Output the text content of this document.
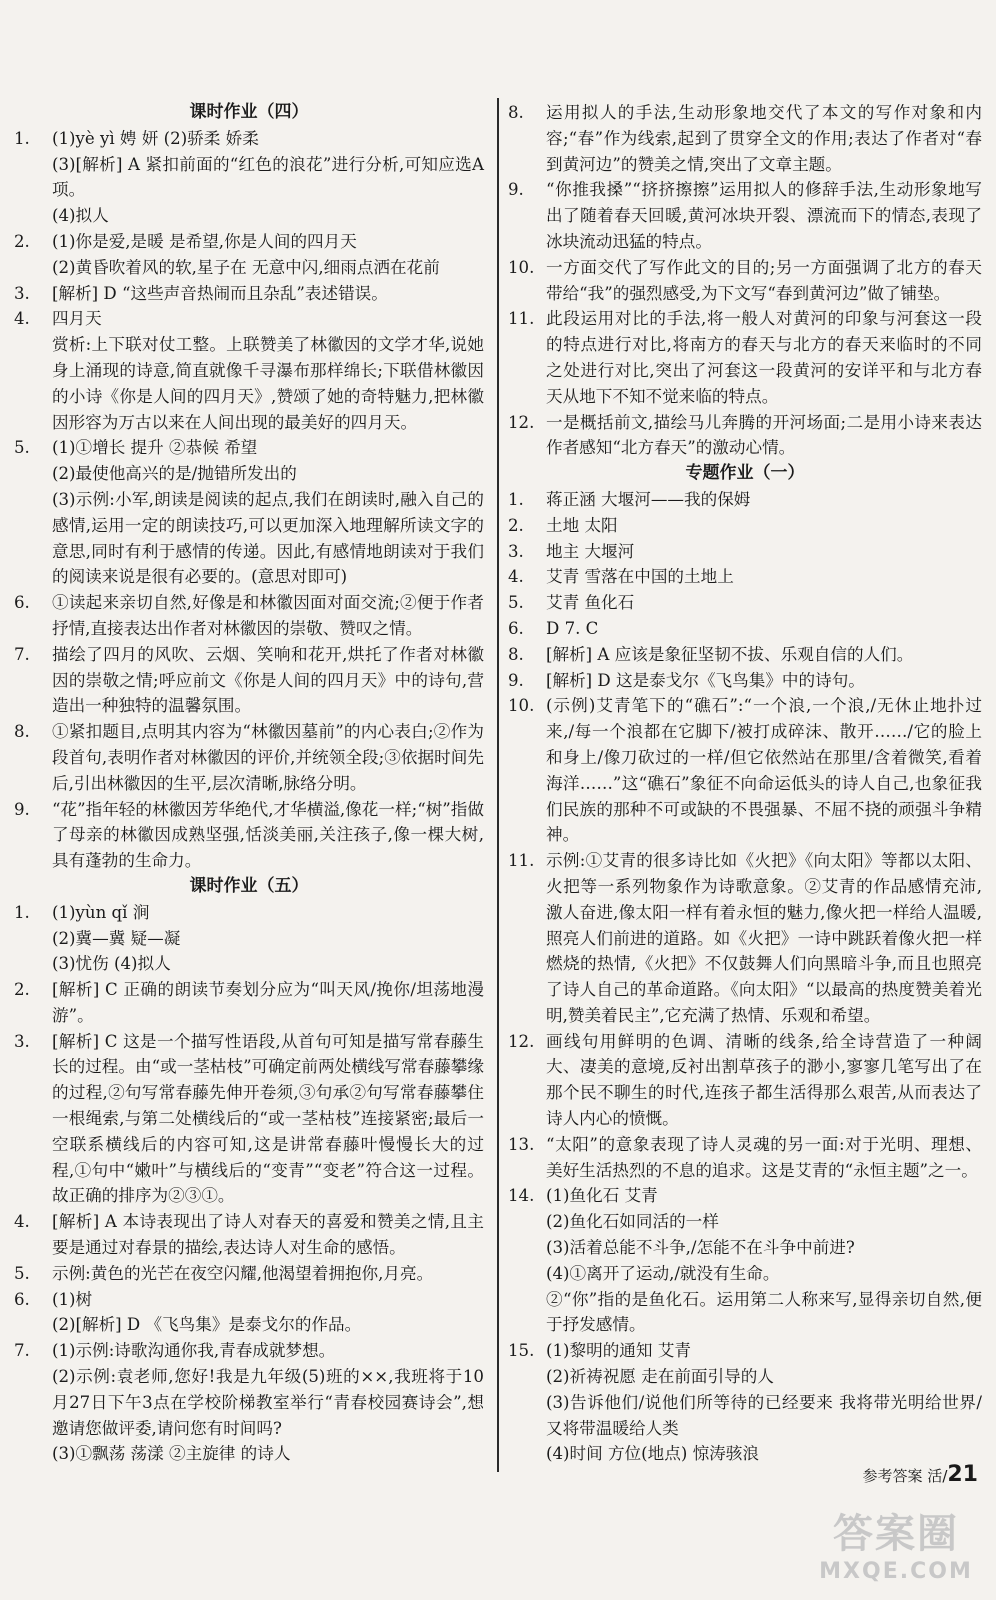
课时作业（四）
1.	(1)yè yì 娉 妍 (2)骄柔 娇柔
(3)[解析] A 紧扣前面的“红色的浪花”进行分析,可知应选A项。
(4)拟人
2.	(1)你是爱,是暖 是希望,你是人间的四月天
(2)黄昏吹着风的软,星子在 无意中闪,细雨点洒在花前
3.	[解析] D “这些声音热闹而且杂乱”表述错误。
4.	四月天
赏析:上下联对仗工整。上联赞美了林徽因的文学才华,说她身上涌现的诗意,简直就像千寻瀑布那样绵长;下联借林徽因的小诗《你是人间的四月天》,赞颂了她的奇特魅力,把林徽因形容为万古以来在人间出现的最美好的四月天。
5.	(1)①增长 提升 ②恭候 希望
(2)最使他高兴的是/抛错所发出的
(3)示例:小军,朗读是阅读的起点,我们在朗读时,融入自己的感情,运用一定的朗读技巧,可以更加深入地理解所读文字的意思,同时有利于感情的传递。因此,有感情地朗读对于我们的阅读来说是很有必要的。(意思对即可)
6.	①读起来亲切自然,好像是和林徽因面对面交流;②便于作者抒情,直接表达出作者对林徽因的崇敬、赞叹之情。
7.	描绘了四月的风吹、云烟、笑响和花开,烘托了作者对林徽因的崇敬之情;呼应前文《你是人间的四月天》中的诗句,营造出一种独特的温馨氛围。
8.	①紧扣题目,点明其内容为“林徽因墓前”的内心表白;②作为段首句,表明作者对林徽因的评价,并统领全段;③依据时间先后,引出林徽因的生平,层次清晰,脉络分明。
9.	“花”指年轻的林徽因芳华绝代,才华横溢,像花一样;“树”指做了母亲的林徽因成熟坚强,恬淡美丽,关注孩子,像一棵大树,具有蓬勃的生命力。
课时作业（五）
1.	(1)yùn qǐ 涧
(2)冀—冀 疑—凝
(3)忧伤 (4)拟人
2.	[解析] C 正确的朗读节奏划分应为“叫天风/挽你/坦荡地漫游”。
3.	[解析] C 这是一个描写性语段,从首句可知是描写常春藤生长的过程。由“或一茎枯枝”可确定前两处横线写常春藤攀缘的过程,②句写常春藤先伸开卷须,③句承②句写常春藤攀住一根绳索,与第二处横线后的“或一茎枯枝”连接紧密;最后一空联系横线后的内容可知,这是讲常春藤叶慢慢长大的过程,①句中“嫩叶”与横线后的“变青”“变老”符合这一过程。故正确的排序为②③①。
4.	[解析] A 本诗表现出了诗人对春天的喜爱和赞美之情,且主要是通过对春景的描绘,表达诗人对生命的感悟。
5.	示例:黄色的光芒在夜空闪耀,他渴望着拥抱你,月亮。
6.	(1)树
(2)[解析] D 《飞鸟集》是泰戈尔的作品。
7.	(1)示例:诗歌沟通你我,青春成就梦想。
(2)示例:袁老师,您好!我是九年级(5)班的××,我班将于10月27日下午3点在学校阶梯教室举行“青春校园赛诗会”,想邀请您做评委,请问您有时间吗?
(3)①飘荡 荡漾 ②主旋律 的诗人
8.	运用拟人的手法,生动形象地交代了本文的写作对象和内容;“春”作为线索,起到了贯穿全文的作用;表达了作者对“春到黄河边”的赞美之情,突出了文章主题。
9.	“你推我搡”“挤挤擦擦”运用拟人的修辞手法,生动形象地写出了随着春天回暖,黄河冰块开裂、漂流而下的情态,表现了冰块流动迅猛的特点。
10. 一方面交代了写作此文的目的;另一方面强调了北方的春天带给“我”的强烈感受,为下文写“春到黄河边”做了铺垫。
11. 此段运用对比的手法,将一般人对黄河的印象与河套这一段的特点进行对比,将南方的春天与北方的春天来临时的不同之处进行对比,突出了河套这一段黄河的安详平和与北方春天从地下不知不觉来临的特点。
12. 一是概括前文,描绘马儿奔腾的开河场面;二是用小诗来表达作者感知“北方春天”的激动心情。
专题作业（一）
1.	蒋正涵 大堰河——我的保姆
2.	土地 太阳
3.	地主 大堰河
4.	艾青 雪落在中国的土地上
5.	艾青 鱼化石
6.	D 7. C
8.	[解析] A 应该是象征坚韧不拔、乐观自信的人们。
9.	[解析] D 这是泰戈尔《飞鸟集》中的诗句。
10. (示例)艾青笔下的“礁石”:“一个浪,一个浪,/无休止地扑过来,/每一个浪都在它脚下/被打成碎沫、散开……/它的脸上和身上/像刀砍过的一样/但它依然站在那里/含着微笑,看着海洋……”这“礁石”象征不向命运低头的诗人自己,也象征我们民族的那种不可或缺的不畏强暴、不屈不挠的顽强斗争精神。
11. 示例:①艾青的很多诗比如《火把》《向太阳》等都以太阳、火把等一系列物象作为诗歌意象。②艾青的作品感情充沛,激人奋进,像太阳一样有着永恒的魅力,像火把一样给人温暖,照亮人们前进的道路。如《火把》一诗中跳跃着像火把一样燃烧的热情,《火把》不仅鼓舞人们向黑暗斗争,而且也照亮了诗人自己的革命道路。《向太阳》“以最高的热度赞美着光明,赞美着民主”,它充满了热情、乐观和希望。
12. 画线句用鲜明的色调、清晰的线条,给全诗营造了一种阔大、凄美的意境,反衬出割草孩子的渺小,寥寥几笔写出了在那个民不聊生的时代,连孩子都生活得那么艰苦,从而表达了诗人内心的愤慨。
13. “太阳”的意象表现了诗人灵魂的另一面:对于光明、理想、美好生活热烈的不息的追求。这是艾青的“永恒主题”之一。
14. (1)鱼化石 艾青
(2)鱼化石如同活的一样
(3)活着总能不斗争,/怎能不在斗争中前进?
(4)①离开了运动,/就没有生命。
②“你”指的是鱼化石。运用第二人称来写,显得亲切自然,便于抒发感情。
15. (1)黎明的通知 艾青
(2)祈祷祝愿 走在前面引导的人
(3)告诉他们/说他们所等待的已经要来 我将带光明给世界/又将带温暖给人类
(4)时间 方位(地点) 惊涛骇浪
参考答案 活/21
答案圈
MXQE.COM
